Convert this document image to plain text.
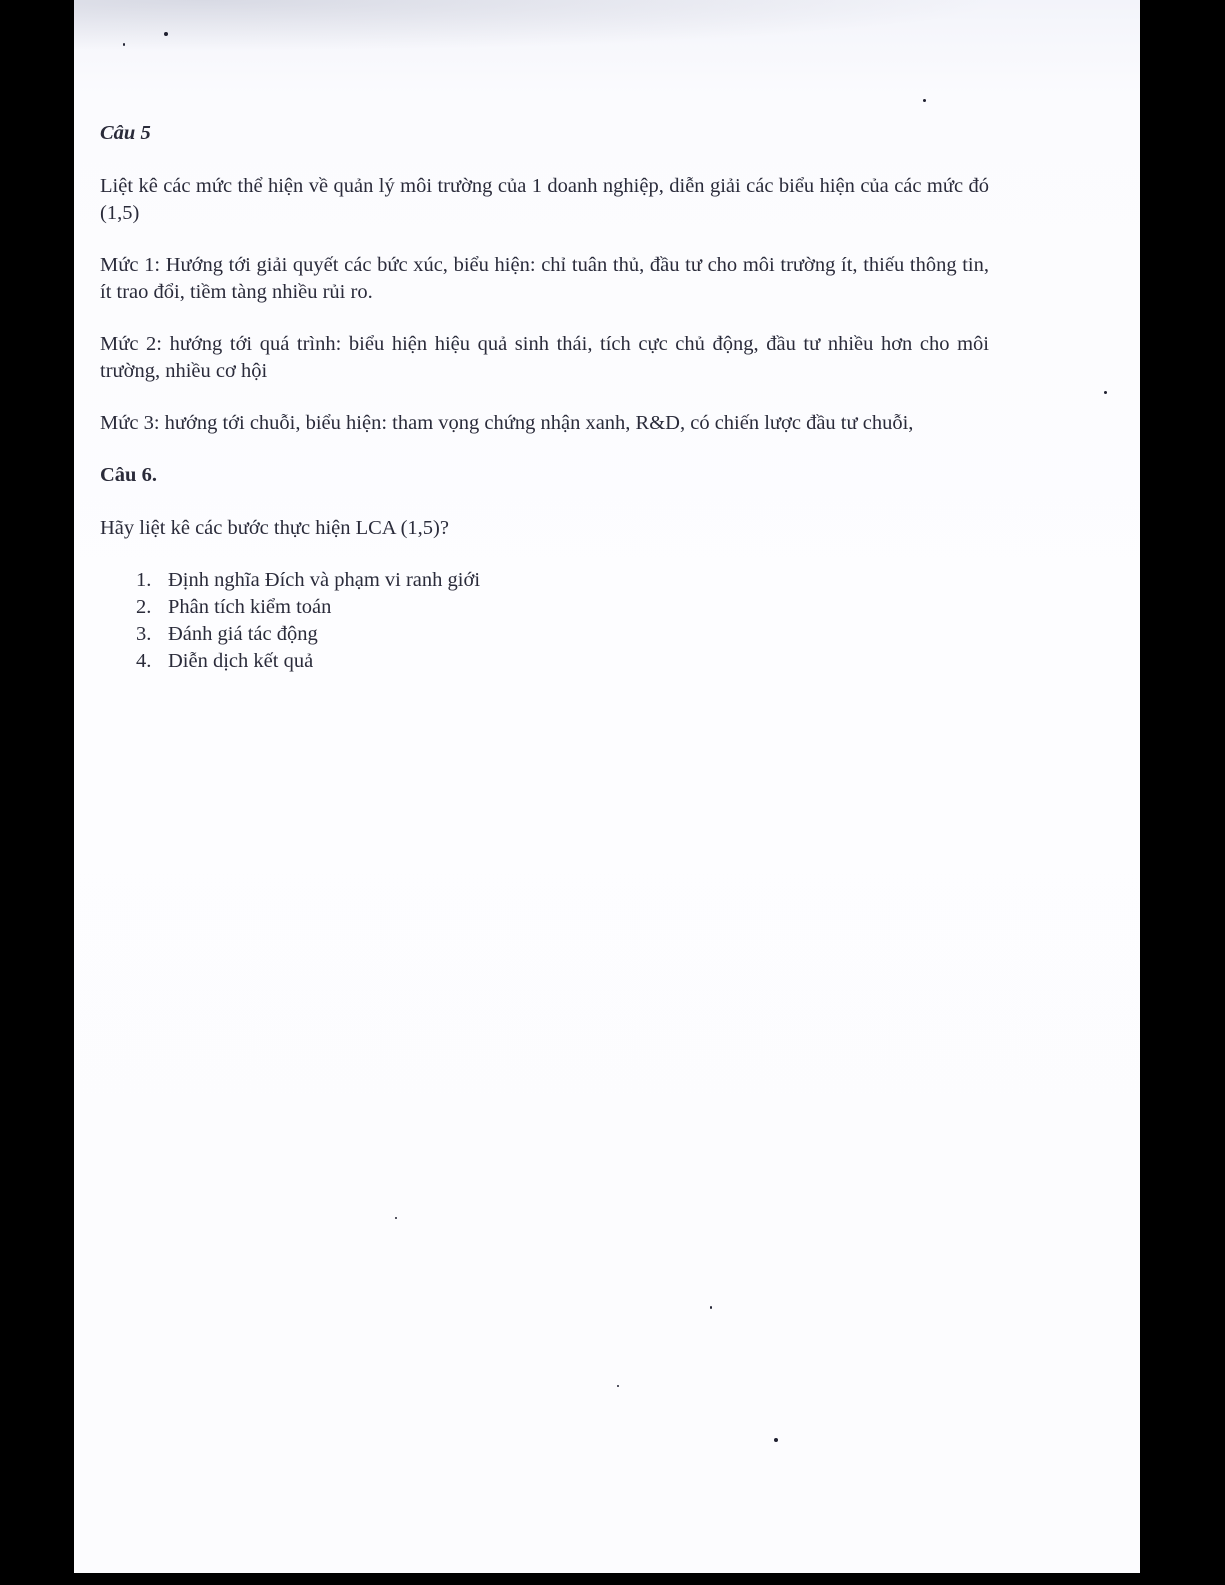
Câu 5

Liệt kê các mức thể hiện về quản lý môi trường của 1 doanh nghiệp, diễn giải các biểu hiện của các mức đó (1,5)

Mức 1: Hướng tới giải quyết các bức xúc, biểu hiện: chỉ tuân thủ, đầu tư cho môi trường ít, thiếu thông tin, ít trao đổi, tiềm tàng nhiều rủi ro.

Mức 2: hướng tới quá trình: biểu hiện hiệu quả sinh thái, tích cực chủ động, đầu tư nhiều hơn cho môi trường, nhiều cơ hội

Mức 3: hướng tới chuỗi, biểu hiện: tham vọng chứng nhận xanh, R&D, có chiến lược đầu tư chuỗi,

Câu 6.

Hãy liệt kê các bước thực hiện LCA (1,5)?

1. Định nghĩa Đích và phạm vi ranh giới
2. Phân tích kiểm toán
3. Đánh giá tác động
4. Diễn dịch kết quả
